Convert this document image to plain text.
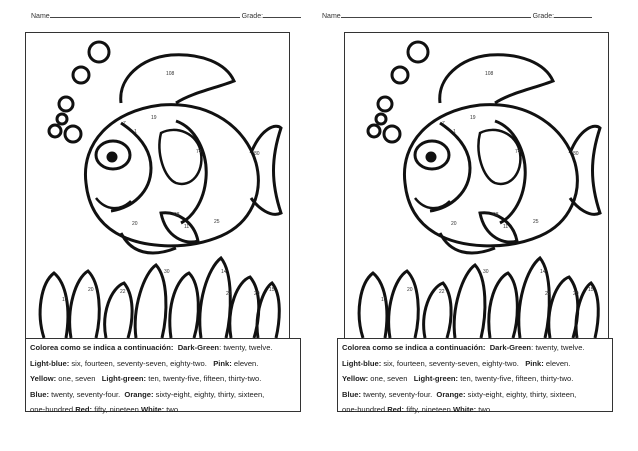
Name	Grade:
108
19
7
1
74	80
68
11
20	25
30	14
15
10
20	22	25	20
Colorea como se indica a continuación: Dark-Green: twenty, twelve.
Light-blue: six, fourteen, seventy-seven, eighty-two. Pink: eleven.
Yellow: one, seven Light-green: ten, twenty-five, fifteen, thirty-two.
Blue: twenty, seventy-four. Orange: sixty-eight, eighty, thirty, sixteen,
one-hundred Red: fifty, nineteen White: two
Name	Grade:
108
19
7
1
74	80
68
11
20	25
30	14
15
10
20	22	25	20
Colorea como se indica a continuación: Dark-Green: twenty, twelve.
Light-blue: six, fourteen, seventy-seven, eighty-two. Pink: eleven.
Yellow: one, seven Light-green: ten, twenty-five, fifteen, thirty-two.
Blue: twenty, seventy-four. Orange: sixty-eight, eighty, thirty, sixteen,
one-hundred Red: fifty, nineteen White: two
